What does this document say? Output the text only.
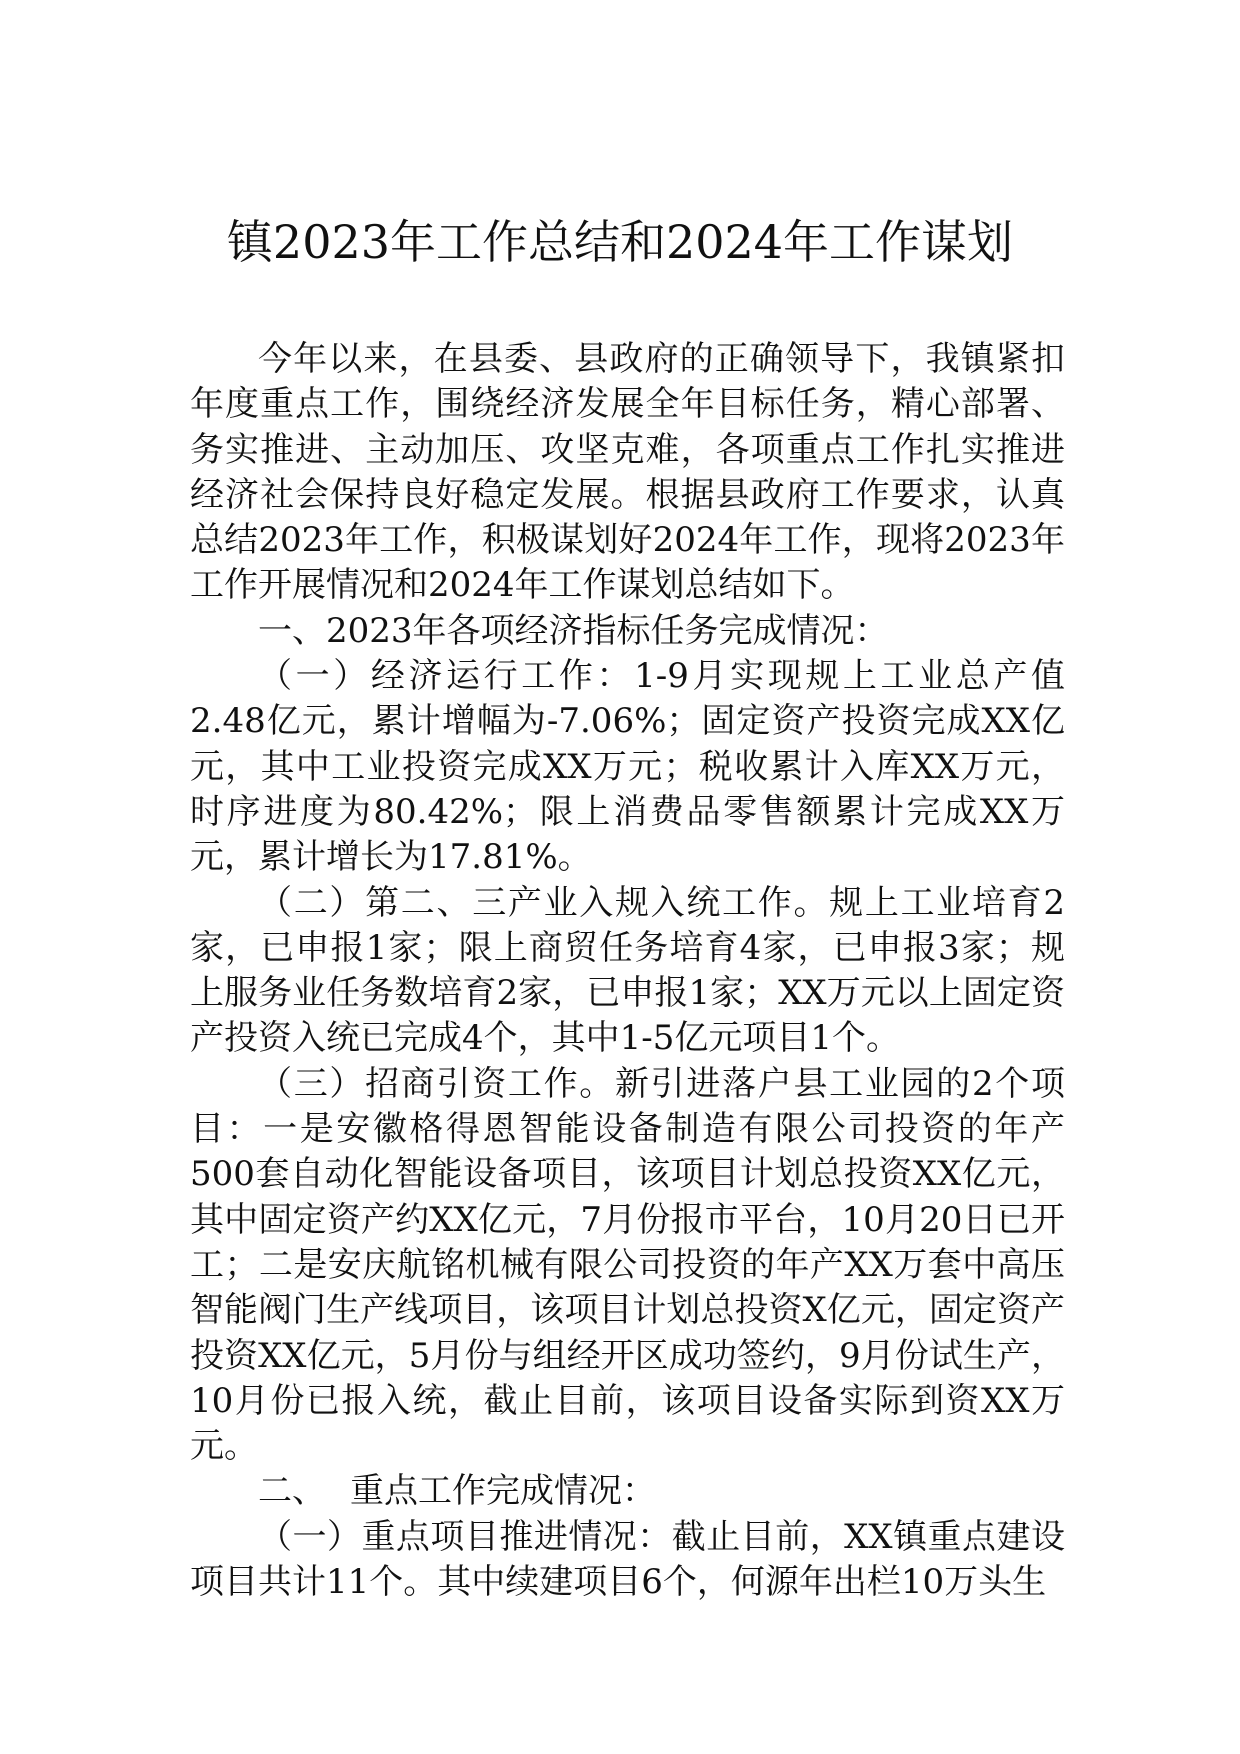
镇2023年工作总结和2024年工作谋划

今年以来，在县委、县政府的正确领导下，我镇紧扣年度重点工作，围绕经济发展全年目标任务，精心部署、务实推进、主动加压、攻坚克难，各项重点工作扎实推进经济社会保持良好稳定发展。根据县政府工作要求，认真总结2023年工作，积极谋划好2024年工作，现将2023年工作开展情况和2024年工作谋划总结如下。

一、2023年各项经济指标任务完成情况：

（一）经济运行工作：1-9月实现规上工业总产值2.48亿元，累计增幅为-7.06%；固定资产投资完成XX亿元，其中工业投资完成XX万元；税收累计入库XX万元，时序进度为80.42%；限上消费品零售额累计完成XX万元，累计增长为17.81%。

（二）第二、三产业入规入统工作。规上工业培育2家，已申报1家；限上商贸任务培育4家，已申报3家；规上服务业任务数培育2家，已申报1家；XX万元以上固定资产投资入统已完成4个，其中1-5亿元项目1个。

（三）招商引资工作。新引进落户县工业园的2个项目：一是安徽格得恩智能设备制造有限公司投资的年产500套自动化智能设备项目，该项目计划总投资XX亿元，其中固定资产约XX亿元，7月份报市平台，10月20日已开工；二是安庆航铭机械有限公司投资的年产XX万套中高压智能阀门生产线项目，该项目计划总投资X亿元，固定资产投资XX亿元，5月份与组经开区成功签约，9月份试生产，10月份已报入统，截止目前，该项目设备实际到资XX万元。

二、 重点工作完成情况：

（一）重点项目推进情况：截止目前，XX镇重点建设项目共计11个。其中续建项目6个，何源年出栏10万头生
